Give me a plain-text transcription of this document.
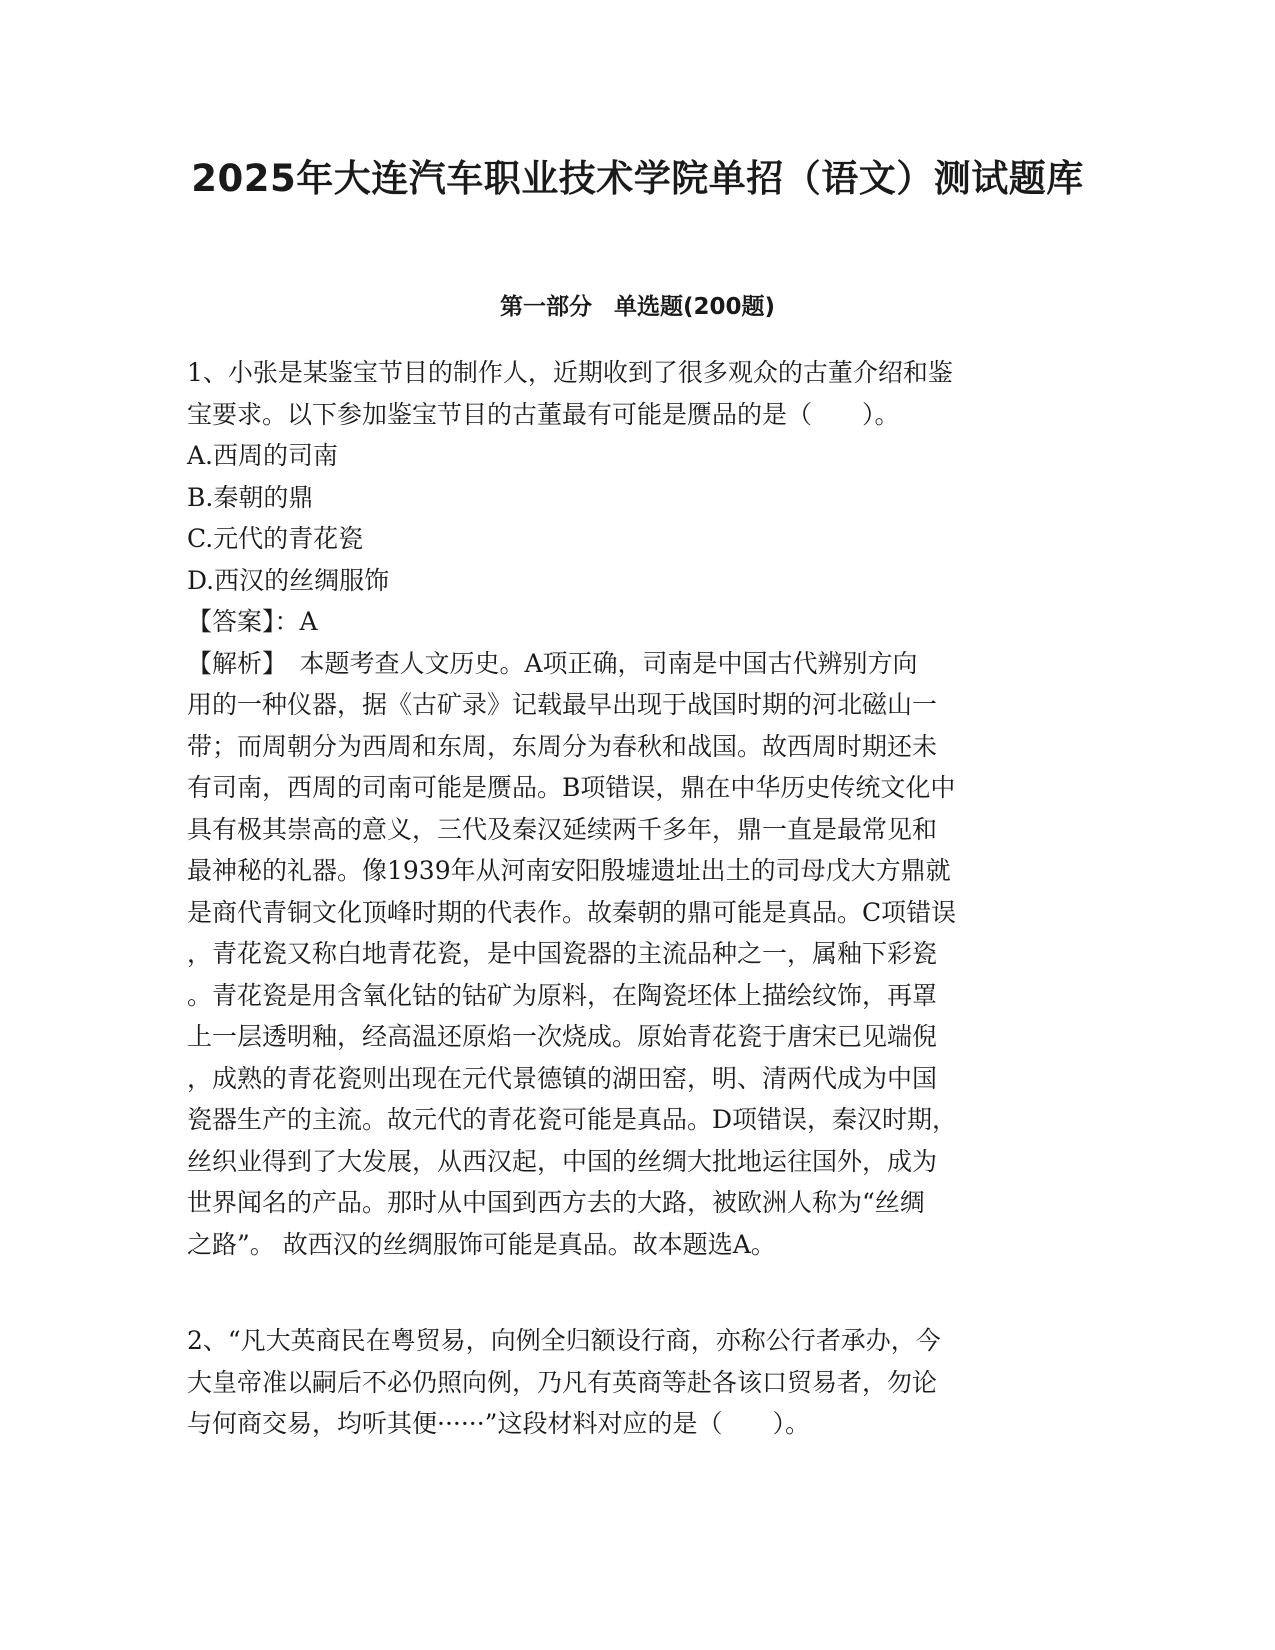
2025年大连汽车职业技术学院单招（语文）测试题库
第一部分 单选题(200题)
1、小张是某鉴宝节目的制作人，近期收到了很多观众的古董介绍和鉴
宝要求。以下参加鉴宝节目的古董最有可能是赝品的是（　　）。
A.西周的司南
B.秦朝的鼎
C.元代的青花瓷
D.西汉的丝绸服饰
【答案】：A
【解析】　本题考查人文历史。A项正确，司南是中国古代辨别方向
用的一种仪器，据《古矿录》记载最早出现于战国时期的河北磁山一
带；而周朝分为西周和东周，东周分为春秋和战国。故西周时期还未
有司南，西周的司南可能是赝品。B项错误，鼎在中华历史传统文化中
具有极其崇高的意义，三代及秦汉延续两千多年，鼎一直是最常见和
最神秘的礼器。像1939年从河南安阳殷墟遗址出土的司母戊大方鼎就
是商代青铜文化顶峰时期的代表作。故秦朝的鼎可能是真品。C项错误
，青花瓷又称白地青花瓷，是中国瓷器的主流品种之一，属釉下彩瓷
。青花瓷是用含氧化钴的钴矿为原料，在陶瓷坯体上描绘纹饰，再罩
上一层透明釉，经高温还原焰一次烧成。原始青花瓷于唐宋已见端倪
，成熟的青花瓷则出现在元代景德镇的湖田窑，明、清两代成为中国
瓷器生产的主流。故元代的青花瓷可能是真品。D项错误，秦汉时期，
丝织业得到了大发展，从西汉起，中国的丝绸大批地运往国外，成为
世界闻名的产品。那时从中国到西方去的大路，被欧洲人称为“丝绸
之路”。 故西汉的丝绸服饰可能是真品。故本题选A。
2、“凡大英商民在粤贸易，向例全归额设行商，亦称公行者承办，今
大皇帝准以嗣后不必仍照向例，乃凡有英商等赴各该口贸易者，勿论
与何商交易，均听其便······”这段材料对应的是（　　）。
